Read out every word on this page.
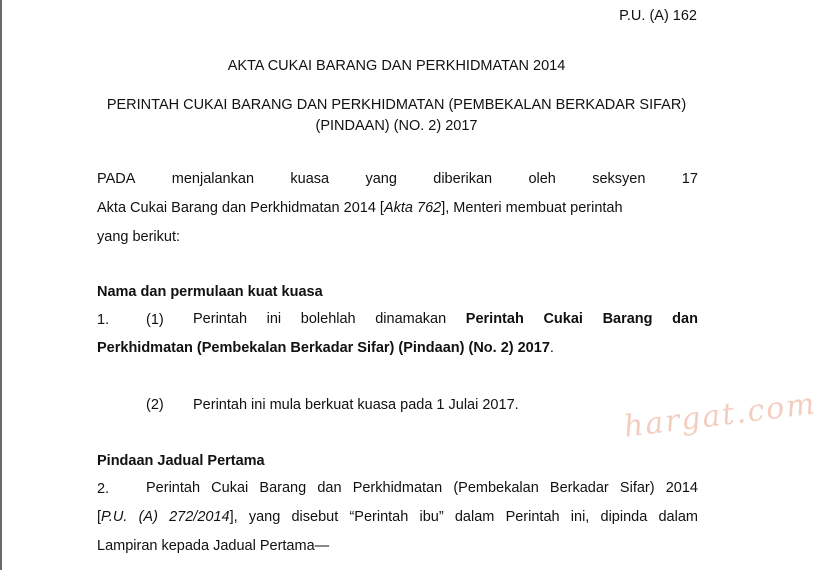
P.U. (A) 162
AKTA CUKAI BARANG DAN PERKHIDMATAN 2014
PERINTAH CUKAI BARANG DAN PERKHIDMATAN (PEMBEKALAN BERKADAR SIFAR)
(PINDAAN) (NO. 2) 2017
PADA	menjalankan	kuasa	yang	diberikan	oleh	seksyen	17
Akta Cukai Barang dan Perkhidmatan 2014 [Akta 762], Menteri membuat perintah
yang berikut:
Nama dan permulaan kuat kuasa
1.	(1) Perintah ini bolehlah dinamakan Perintah Cukai Barang dan
Perkhidmatan (Pembekalan Berkadar Sifar) (Pindaan) (No. 2) 2017.
(2) Perintah ini mula berkuat kuasa pada 1 Julai 2017.
Pindaan Jadual Pertama
2.	Perintah Cukai Barang dan Perkhidmatan (Pembekalan Berkadar Sifar) 2014
[P.U. (A) 272/2014], yang disebut “Perintah ibu” dalam Perintah ini, dipinda dalam
Lampiran kepada Jadual Pertama—
hargat.com
